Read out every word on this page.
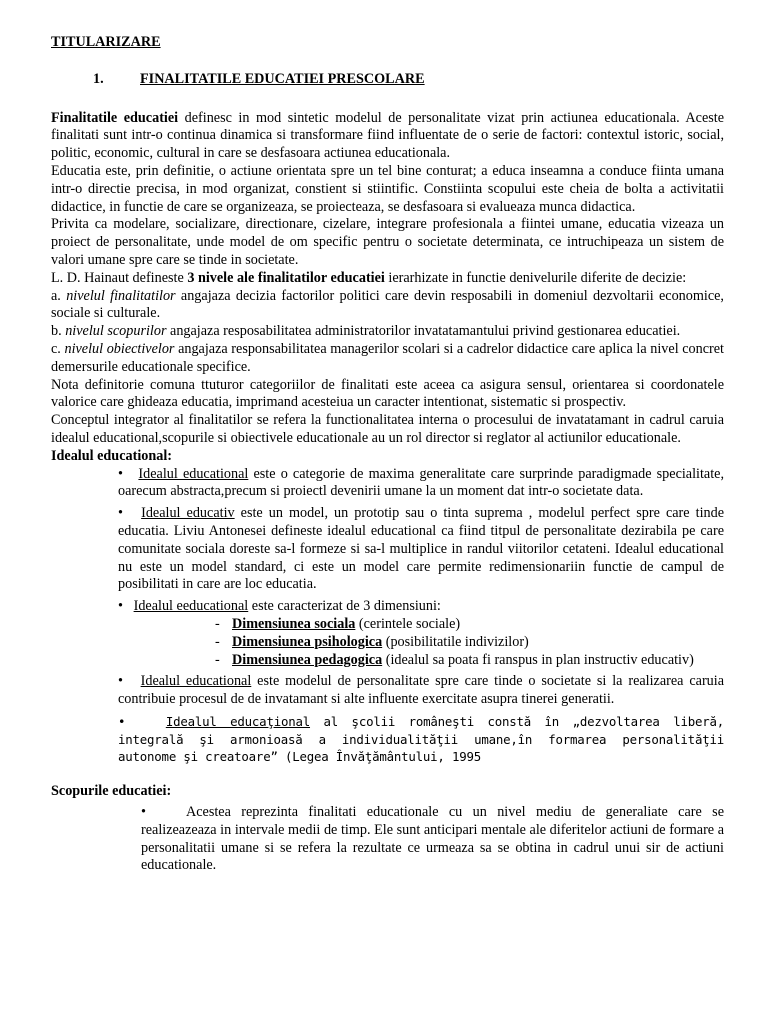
TITULARIZARE

1.	FINALITATILE EDUCATIEI PRESCOLARE

Finalitatile educatiei definesc in mod sintetic modelul de personalitate vizat prin actiunea educationala. Aceste finalitati sunt intr-o continua dinamica si transformare fiind influentate de o serie de factori: contextul istoric, social, politic, economic, cultural in care se desfasoara actiunea educationala.

Educatia este, prin definitie, o actiune orientata spre un tel bine conturat; a educa inseamna a conduce fiinta umana intr-o directie precisa, in mod organizat, constient si stiintific. Constiinta scopului este cheia de bolta a activitatii didactice, in functie de care se organizeaza, se proiecteaza, se desfasoara si evalueaza munca didactica.

Privita ca modelare, socializare, directionare, cizelare, integrare profesionala a fiintei umane, educatia vizeaza un proiect de personalitate, unde model de om specific pentru o societate determinata, ce intruchipeaza un sistem de valori umane spre care se tinde in societate.

L. D. Hainaut defineste 3 nivele ale finalitatilor educatiei ierarhizate in functie denivelurile diferite de decizie:

a. nivelul finalitatilor angajaza decizia factorilor politici care devin resposabili in domeniul dezvoltarii economice, sociale si culturale.

b. nivelul scopurilor angajaza resposabilitatea administratorilor invatatamantului privind gestionarea educatiei.

c. nivelul obiectivelor angajaza responsabilitatea managerilor scolari si a cadrelor didactice care aplica la nivel concret demersurile educationale specifice.

Nota definitorie comuna ttuturor categoriilor de finalitati este aceea ca asigura sensul, orientarea si coordonatele valorice care ghideaza educatia, imprimand acesteiua un caracter intentionat, sistematic si prospectiv.

Conceptul integrator al finalitatilor se refera la functionalitatea interna o procesului de invatatamant in cadrul caruia idealul educational,scopurile si obiectivele educationale au un rol director si reglator al actiunilor educationale.

Idealul educational:

• Idealul educational este o categorie de maxima generalitate care surprinde paradigmade specialitate, oarecum abstracta,precum si proiectl devenirii umane la un moment dat intr-o societate data.
• Idealul educativ este un model, un prototip sau o tinta suprema , modelul perfect spre care tinde educatia. Liviu Antonesei defineste idealul educational ca fiind titpul de personalitate dezirabila pe care comunitate sociala doreste sa-l formeze si sa-l multiplice in randul viitorilor cetateni. Idealul educational nu este un model standard, ci este un model care permite redimensionariin functie de campul de posibilitati in care are loc educatia.
• Idealul eeducational este caracterizat de 3 dimensiuni:
- Dimensiunea sociala (cerintele sociale)
- Dimensiunea psihologica (posibilitatile indivizilor)
- Dimensiunea pedagogica (idealul sa poata fi ranspus in plan instructiv educativ)
• Idealul educational este modelul de personalitate spre care tinde o societate si la realizarea caruia contribuie procesul de de invatamant si alte influente exercitate asupra tinerei generatii.
•	Idealul educaţional al şcolii româneşti constă în „dezvoltarea liberă, integrală şi armonioasă a individualităţii umane,în formarea personalităţii autonome şi creatoare” (Legea Învăţământului, 1995

Scopurile educatiei:

•	Acestea reprezinta finalitati educationale cu un nivel mediu de generaliate care se realizeazeaza in intervale medii de timp. Ele sunt anticipari mentale ale diferitelor actiuni de formare a personalitatii umane si se refera la rezultate ce urmeaza sa se obtina in cadrul unui sir de actiuni educationale.
